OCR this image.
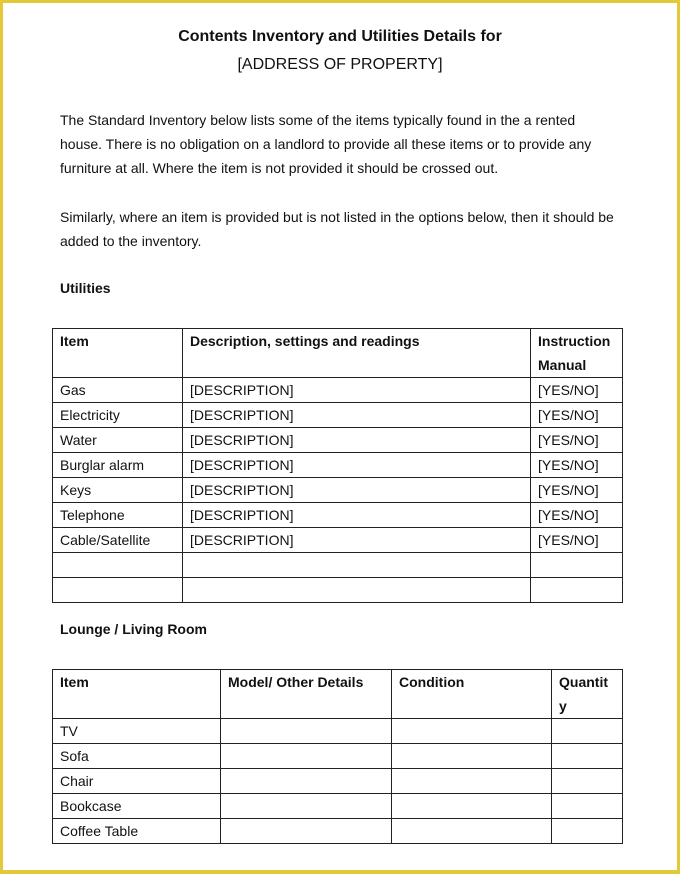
Contents Inventory and Utilities Details for
[ADDRESS OF PROPERTY]
The Standard Inventory below lists some of the items typically found in the a rented house. There is no obligation on a landlord to provide all these items or to provide any furniture at all. Where the item is not provided it should be crossed out.
Similarly, where an item is provided but is not listed in the options below, then it should be added to the inventory.
Utilities
Item	Description, settings and readings	Instruction Manual
Gas	[DESCRIPTION]	[YES/NO]
Electricity	[DESCRIPTION]	[YES/NO]
Water	[DESCRIPTION]	[YES/NO]
Burglar alarm	[DESCRIPTION]	[YES/NO]
Keys	[DESCRIPTION]	[YES/NO]
Telephone	[DESCRIPTION]	[YES/NO]
Cable/Satellite	[DESCRIPTION]	[YES/NO]

Lounge / Living Room
Item	Model/ Other Details	Condition	Quantity
TV			
Sofa			
Chair			
Bookcase			
Coffee Table			
